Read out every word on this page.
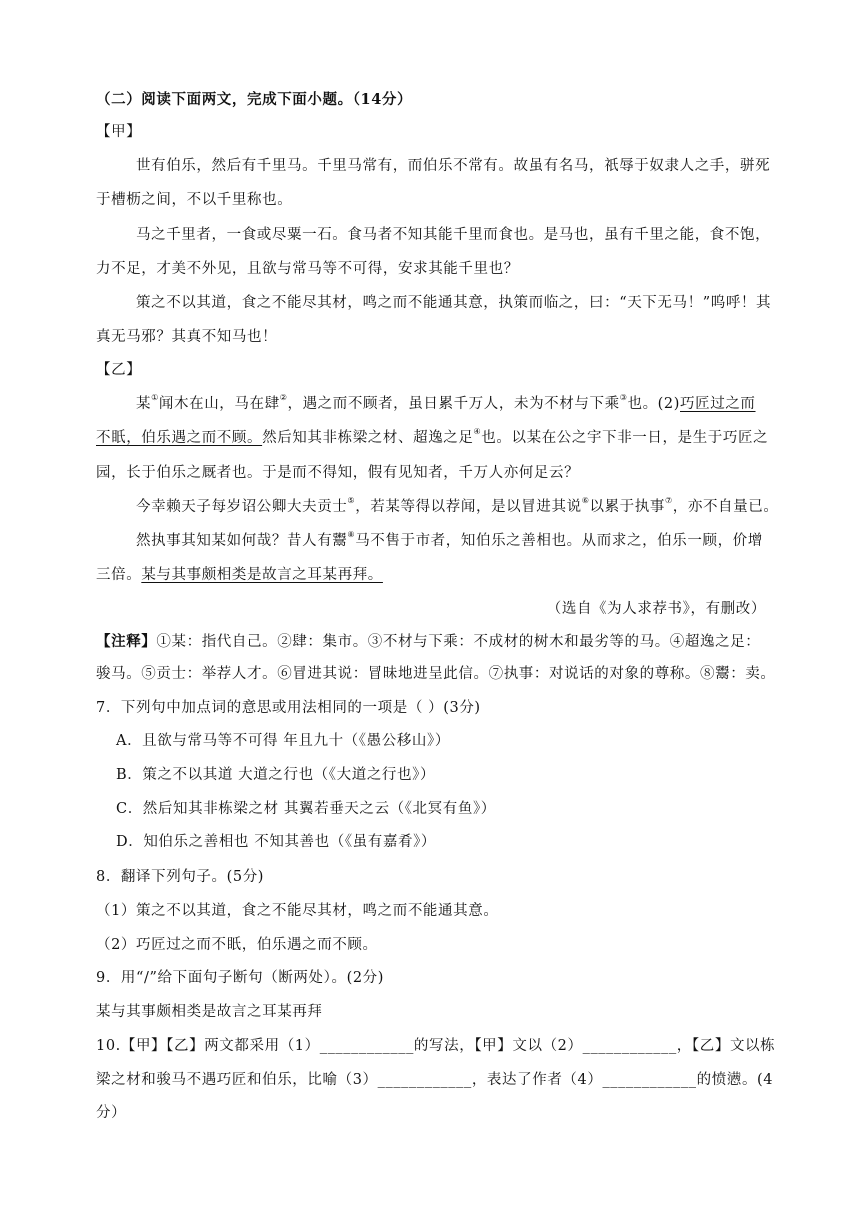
（二）阅读下面两文，完成下面小题。（14分）
【甲】
世有伯乐，然后有千里马。千里马常有，而伯乐不常有。故虽有名马，祇辱于奴隶人之手，骈死
于槽枥之间，不以千里称也。
马之千里者，一食或尽粟一石。食马者不知其能千里而食也。是马也，虽有千里之能，食不饱，
力不足，才美不外见，且欲与常马等不可得，安求其能千里也？
策之不以其道，食之不能尽其材，鸣之而不能通其意，执策而临之，曰：“天下无马！”呜呼！其
真无马邪？其真不知马也！
【乙】
某①闻木在山，马在肆②，遇之而不顾者，虽日累千万人，未为不材与下乘③也。(2)巧匠过之而
不眂，伯乐遇之而不顾。然后知其非栋梁之材、超逸之足④也。以某在公之宇下非一日，是生于巧匠之
园，长于伯乐之厩者也。于是而不得知，假有见知者，千万人亦何足云？
今幸赖天子每岁诏公卿大夫贡士⑤，若某等得以荐闻，是以冒进其说⑥以累于执事⑦，亦不自量已。
然执事其知某如何哉？昔人有鬻⑧马不售于市者，知伯乐之善相也。从而求之，伯乐一顾，价增
三倍。某与其事颇相类是故言之耳某再拜。
（选自《为人求荐书》，有删改）
【注释】①某：指代自己。②肆：集市。③不材与下乘：不成材的树木和最劣等的马。④超逸之足：
骏马。⑤贡士：举荐人才。⑥冒进其说：冒昧地进呈此信。⑦执事：对说话的对象的尊称。⑧鬻：卖。
7．下列句中加点词的意思或用法相同的一项是（ ）(3分)
A．且欲与常马等不可得 年且九十（《愚公移山》）
B．策之不以其道 大道之行也（《大道之行也》）
C．然后知其非栋梁之材 其翼若垂天之云（《北冥有鱼》）
D．知伯乐之善相也 不知其善也（《虽有嘉肴》）
8．翻译下列句子。(5分)
（1）策之不以其道，食之不能尽其材，鸣之而不能通其意。
（2）巧匠过之而不眂，伯乐遇之而不顾。
9．用“/”给下面句子断句（断两处）。(2分)
某与其事颇相类是故言之耳某再拜
10.【甲】【乙】两文都采用（1）____________的写法，【甲】文以（2）____________，【乙】文以栋
梁之材和骏马不遇巧匠和伯乐，比喻（3）____________，表达了作者（4）____________的愤懑。(4
分）
